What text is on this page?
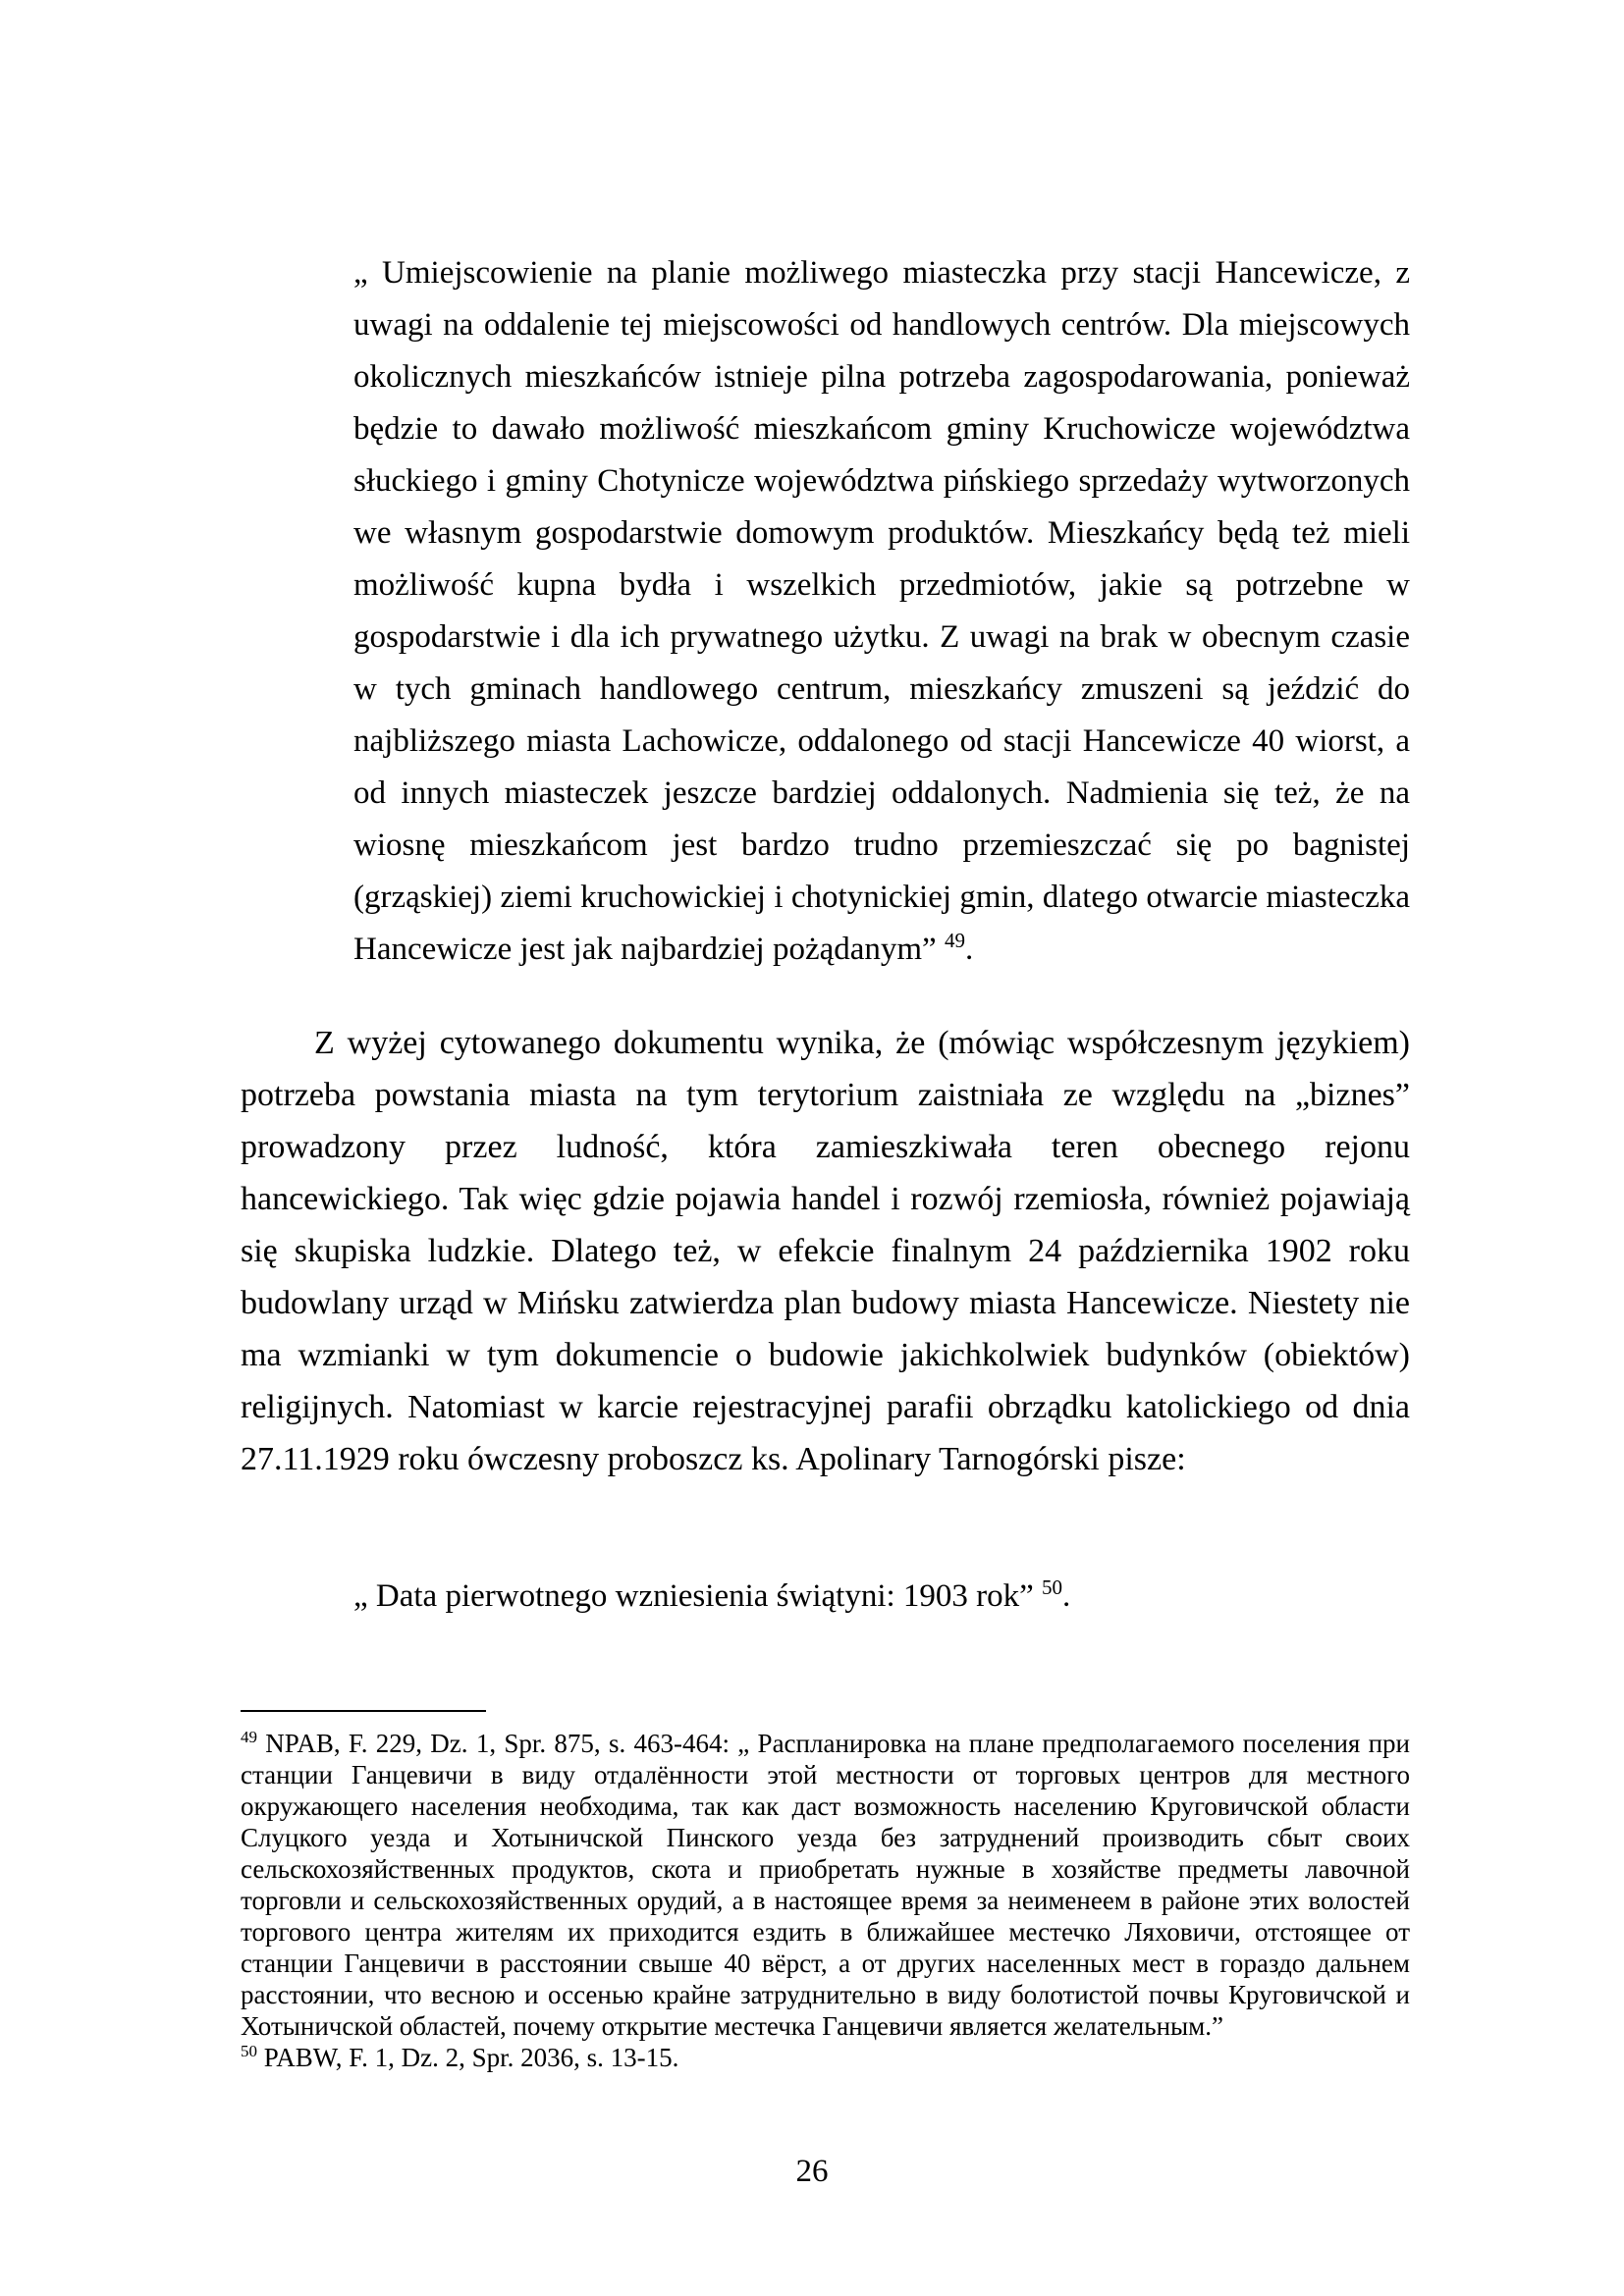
„ Umiejscowienie na planie możliwego miasteczka przy stacji Hancewicze, z uwagi na oddalenie tej miejscowości od handlowych centrów. Dla miejscowych okolicznych mieszkańców istnieje pilna potrzeba zagospodarowania, ponieważ będzie to dawało możliwość mieszkańcom gminy Kruchowicze województwa słuckiego i gminy Chotynicze województwa pińskiego sprzedaży wytworzonych we własnym gospodarstwie domowym produktów. Mieszkańcy będą też mieli możliwość kupna bydła i wszelkich przedmiotów, jakie są potrzebne w gospodarstwie i dla ich prywatnego użytku. Z uwagi na brak w obecnym czasie w tych gminach handlowego centrum, mieszkańcy zmuszeni są jeździć do najbliższego miasta Lachowicze, oddalonego od stacji Hancewicze 40 wiorst, a od innych miasteczek jeszcze bardziej oddalonych. Nadmienia się też, że na wiosnę mieszkańcom jest bardzo trudno przemieszczać się po bagnistej (grząskiej) ziemi kruchowickiej i chotynickiej gmin, dlatego otwarcie miasteczka Hancewicze jest jak najbardziej pożądanym” $^{49}$.
Z wyżej cytowanego dokumentu wynika, że (mówiąc współczesnym językiem) potrzeba powstania miasta na tym terytorium zaistniała ze względu na „biznes” prowadzony przez ludność, która zamieszkiwała teren obecnego rejonu hancewickiego. Tak więc gdzie pojawia handel i rozwój rzemiosła, również pojawiają się skupiska ludzkie. Dlatego też, w efekcie finalnym 24 października 1902 roku budowlany urząd w Mińsku zatwierdza plan budowy miasta Hancewicze. Niestety nie ma wzmianki w tym dokumencie o budowie jakichkolwiek budynków (obiektów) religijnych. Natomiast w karcie rejestracyjnej parafii obrządku katolickiego od dnia 27.11.1929 roku ówczesny proboszcz ks. Apolinary Tarnogórski pisze:
„ Data pierwotnego wzniesienia świątyni: 1903 rok” $^{50}$.
$^{49}$ NPAB, F. 229, Dz. 1, Spr. 875, s. 463-464: „ Распланировка на плане предполагаемого поселения при станции Ганцевичи в виду отдалённости этой местности от торговых центров для местного окружающего населения необходима, так как даст возможность населению Круговичской области Слуцкого уезда и Хотыничской Пинского уезда без затруднений производить сбыт своих сельскохозяйственных продуктов, скота и приобретать нужные в хозяйстве предметы лавочной торговли и сельскохозяйственных орудий, а в настоящее время за неименеем в районе этих волостей торгового центра жителям их приходится ездить в ближайшее местечко Ляховичи, отстоящее от станции Ганцевичи в расстоянии свыше 40 вёрст, а от других населенных мест в гораздо дальнем расстоянии, что весною и оссенью крайне затруднительно в виду болотистой почвы Круговичской и Хотыничской областей, почему открытие местечка Ганцевичи является желательным.”
$^{50}$ PABW, F. 1, Dz. 2, Spr. 2036, s. 13-15.
26
